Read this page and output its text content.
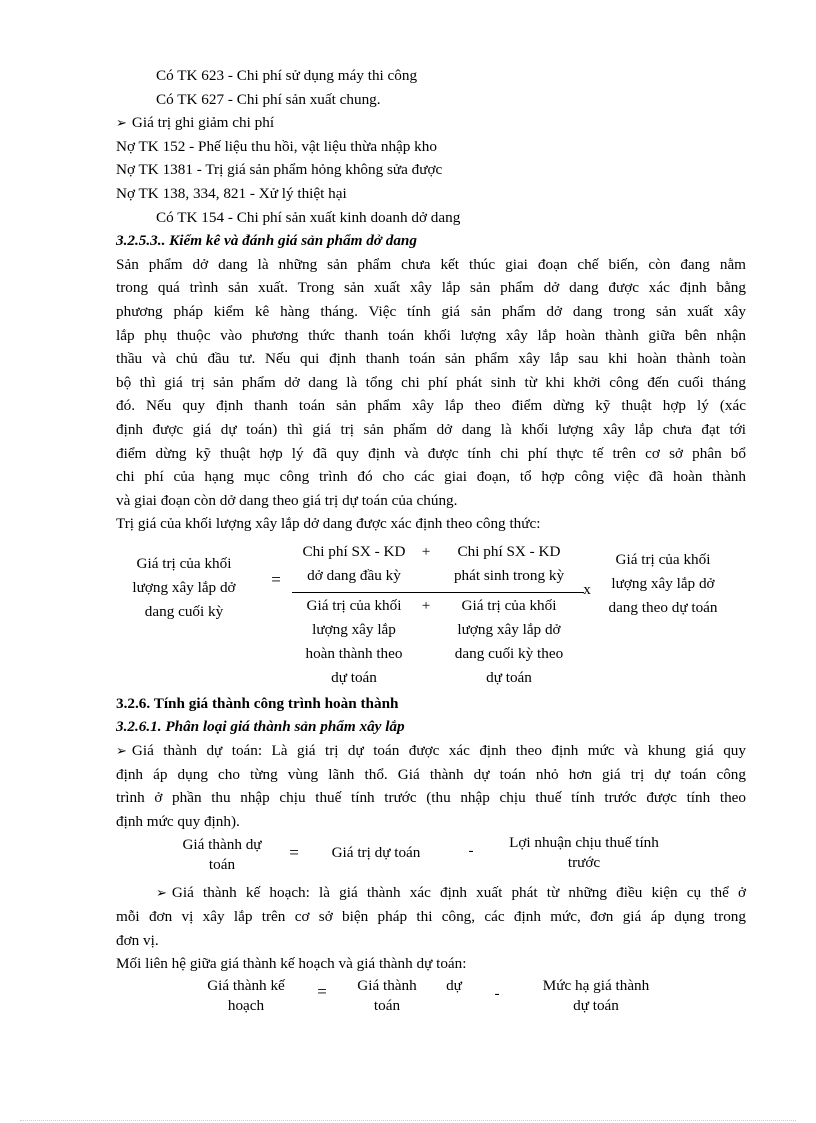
Có TK 623 - Chi phí sử dụng máy thi công
Có TK 627 - Chi phí sản xuất chung.
➢ Giá trị ghi giảm chi phí
Nợ TK 152 - Phế liệu thu hồi, vật liệu thừa nhập kho
Nợ TK 1381 - Trị giá sản phẩm hỏng không sửa được
Nợ TK 138, 334, 821 - Xử lý thiệt hại
Có TK 154 - Chi phí sản xuất kinh doanh dở dang
3.2.5.3.. Kiểm kê và đánh giá sản phẩm dở dang
Sản phẩm dở dang là những sản phẩm chưa kết thúc giai đoạn chế biến, còn đang nằm
trong quá trình sản xuất. Trong sản xuất xây lắp sản phẩm dở dang được xác định bằng
phương pháp kiểm kê hàng tháng. Việc tính giá sản phẩm dở dang trong sản xuất xây
lắp phụ thuộc vào phương thức thanh toán khối lượng xây lắp hoàn thành giữa bên nhận
thầu và chủ đầu tư. Nếu qui định thanh toán sản phẩm xây lắp sau khi hoàn thành toàn
bộ thì giá trị sản phẩm dở dang là tổng chi phí phát sinh từ khi khởi công đến cuối tháng
đó. Nếu quy định thanh toán sản phẩm xây lắp theo điểm dừng kỹ thuật hợp lý (xác
định được giá dự toán) thì giá trị sản phẩm dở dang là khối lượng xây lắp chưa đạt tới
điểm dừng kỹ thuật hợp lý đã quy định và được tính chi phí thực tế trên cơ sở phân bổ
chi phí của hạng mục công trình đó cho các giai đoạn, tổ hợp công việc đã hoàn thành
và giai đoạn còn dở dang theo giá trị dự toán của chúng.
Trị giá của khối lượng xây lắp dở dang được xác định theo công thức:
Giá trị của khối
lượng xây lắp dở
dang cuối kỳ
=
Chi phí SX - KD
dở dang đầu kỳ
+	Chi phí SX - KD
phát sinh trong kỳ
x
Giá trị của khối
lượng xây lắp
hoàn thành theo
dự toán
+	Giá trị của khối
lượng xây lắp dở
dang cuối kỳ theo
dự toán
Giá trị của khối
lượng xây lắp dở
dang theo dự toán
3.2.6. Tính giá thành công trình hoàn thành
3.2.6.1. Phân loại giá thành sản phẩm xây lắp
➢ Giá thành dự toán: Là giá trị dự toán được xác định theo định mức và khung giá quy
định áp dụng cho từng vùng lãnh thổ. Giá thành dự toán nhỏ hơn giá trị dự toán công
trình ở phần thu nhập chịu thuế tính trước (thu nhập chịu thuế tính trước được tính theo
định mức quy định).
Giá thành dự
toán
=	Giá trị dự toán	-	Lợi nhuận chịu thuế tính
trước
➢ Giá thành kế hoạch: là giá thành xác định xuất phát từ những điều kiện cụ thể ở
mỗi đơn vị xây lắp trên cơ sở biện pháp thi công, các định mức, đơn giá áp dụng trong
đơn vị.
Mối liên hệ giữa giá thành kế hoạch và giá thành dự toán:
Giá thành kế
hoạch
=	Giá thành
toán
dự -	Mức hạ giá thành
dự toán
